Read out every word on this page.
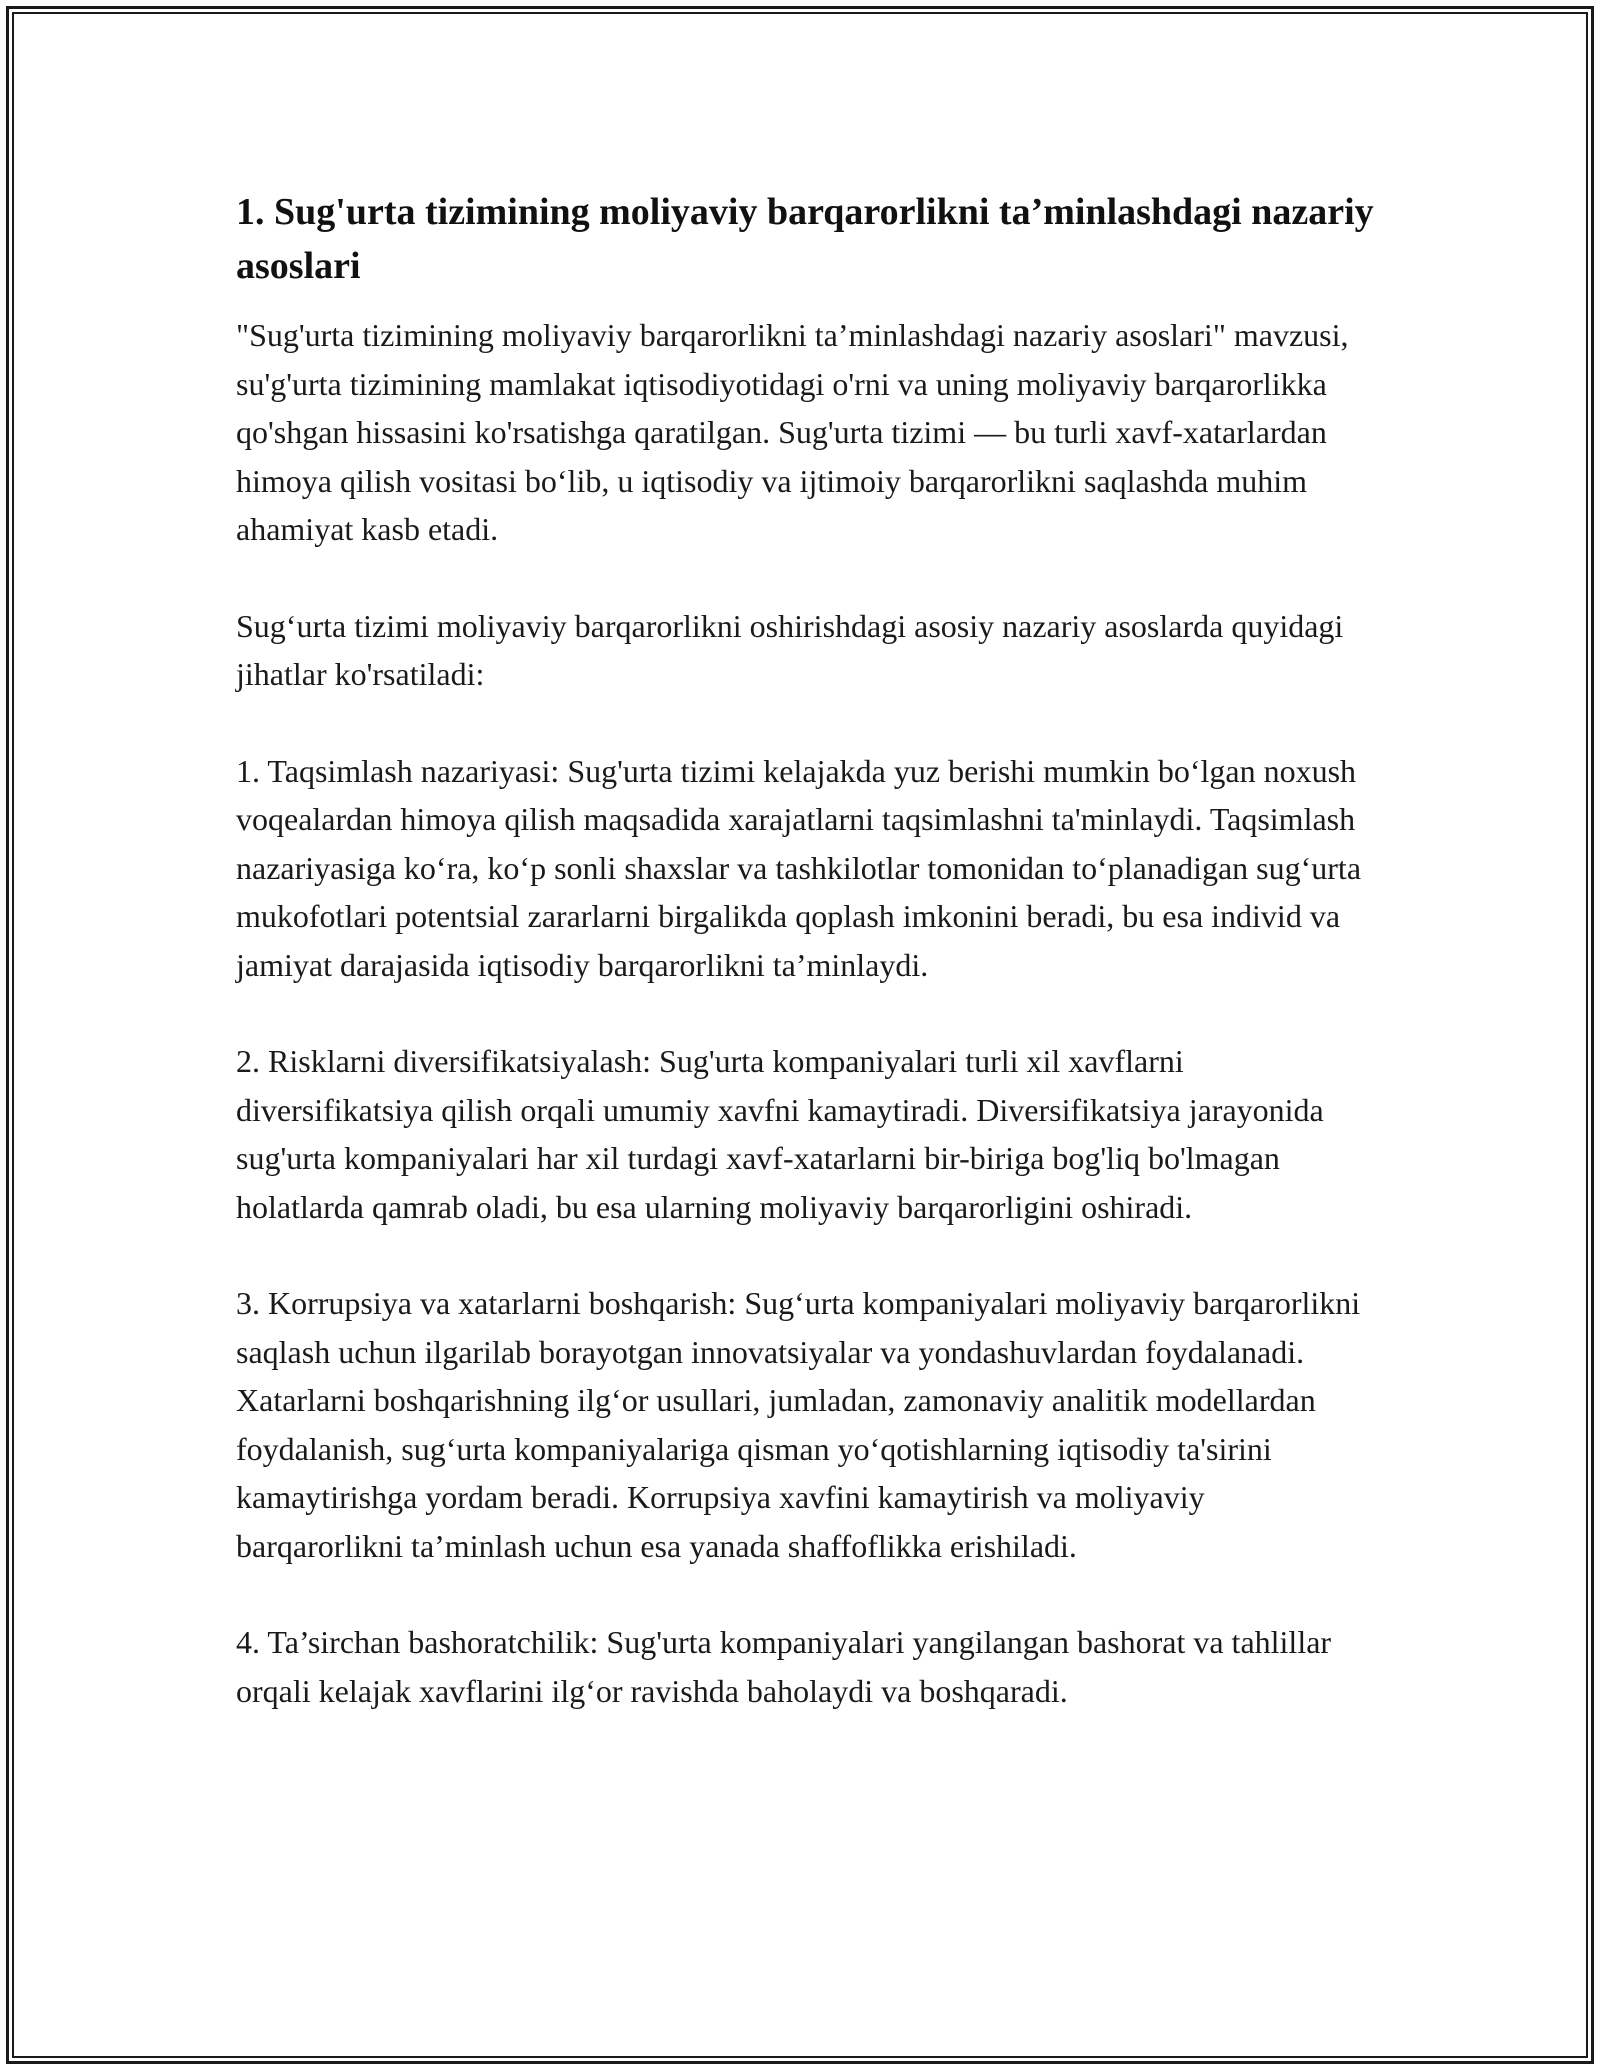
1. Sug'urta tizimining moliyaviy barqarorlikni ta’minlashdagi nazariy asoslari

"Sug'urta tizimining moliyaviy barqarorlikni ta’minlashdagi nazariy asoslari" mavzusi, su'g'urta tizimining mamlakat iqtisodiyotidagi o'rni va uning moliyaviy barqarorlikka qo'shgan hissasini ko'rsatishga qaratilgan. Sug'urta tizimi — bu turli xavf-xatarlardan himoya qilish vositasi bo‘lib, u iqtisodiy va ijtimoiy barqarorlikni saqlashda muhim ahamiyat kasb etadi.

Sug‘urta tizimi moliyaviy barqarorlikni oshirishdagi asosiy nazariy asoslarda quyidagi jihatlar ko'rsatiladi:

1. Taqsimlash nazariyasi: Sug'urta tizimi kelajakda yuz berishi mumkin bo‘lgan noxush voqealardan himoya qilish maqsadida xarajatlarni taqsimlashni ta'minlaydi. Taqsimlash nazariyasiga ko‘ra, ko‘p sonli shaxslar va tashkilotlar tomonidan to‘planadigan sug‘urta mukofotlari potentsial zararlarni birgalikda qoplash imkonini beradi, bu esa individ va jamiyat darajasida iqtisodiy barqarorlikni ta’minlaydi.

2. Risklarni diversifikatsiyalash: Sug'urta kompaniyalari turli xil xavflarni diversifikatsiya qilish orqali umumiy xavfni kamaytiradi. Diversifikatsiya jarayonida sug'urta kompaniyalari har xil turdagi xavf-xatarlarni bir-biriga bog'liq bo'lmagan holatlarda qamrab oladi, bu esa ularning moliyaviy barqarorligini oshiradi.

3. Korrupsiya va xatarlarni boshqarish: Sug‘urta kompaniyalari moliyaviy barqarorlikni saqlash uchun ilgarilab borayotgan innovatsiyalar va yondashuvlardan foydalanadi. Xatarlarni boshqarishning ilg‘or usullari, jumladan, zamonaviy analitik modellardan foydalanish, sug‘urta kompaniyalariga qisman yo‘qotishlarning iqtisodiy ta'sirini kamaytirishga yordam beradi. Korrupsiya xavfini kamaytirish va moliyaviy barqarorlikni ta’minlash uchun esa yanada shaffoflikka erishiladi.

4. Ta’sirchan bashoratchilik: Sug'urta kompaniyalari yangilangan bashorat va tahlillar orqali kelajak xavflarini ilg‘or ravishda baholaydi va boshqaradi.
